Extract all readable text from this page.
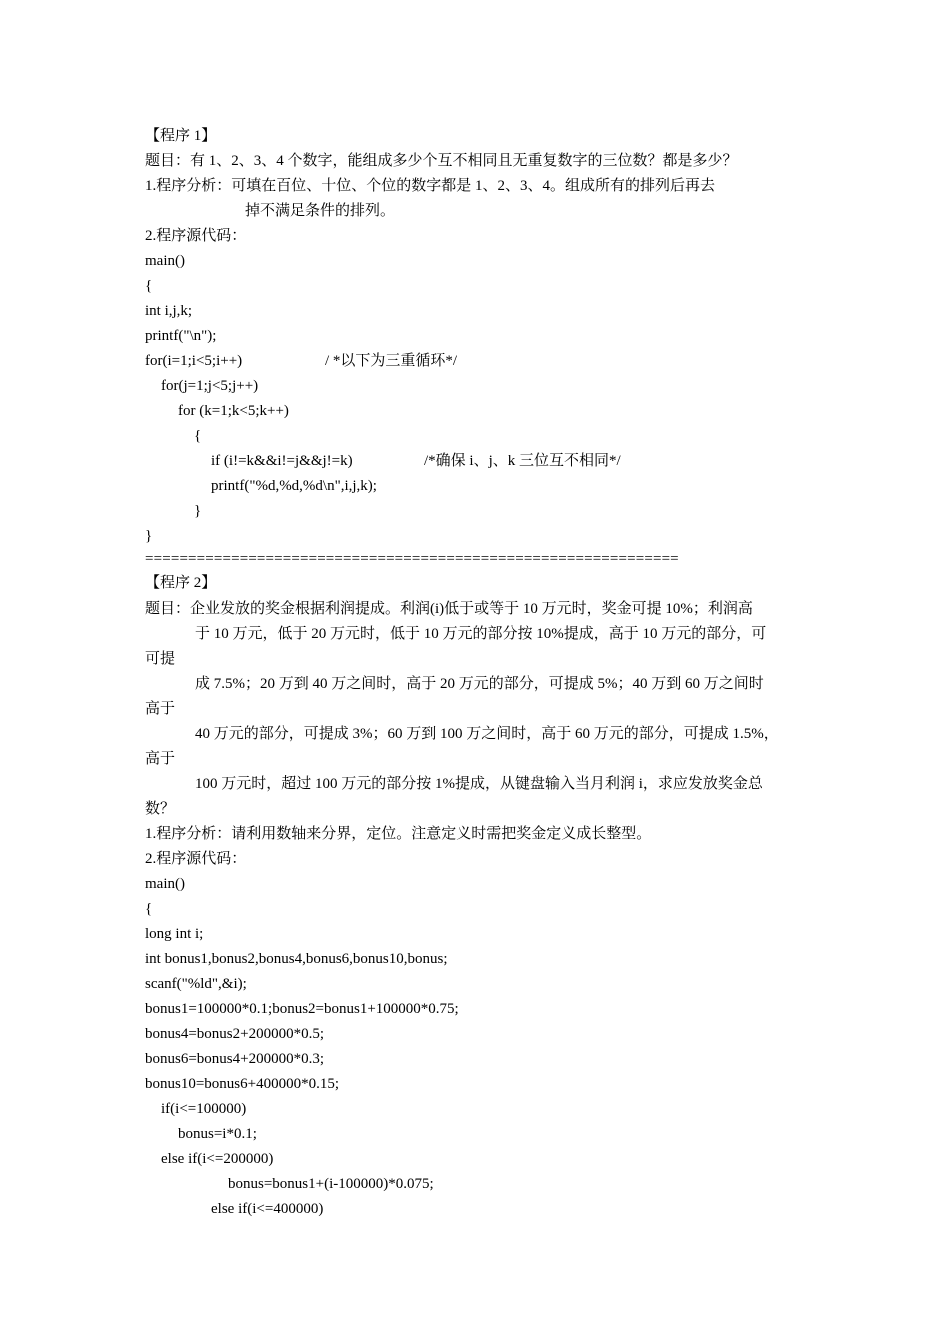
【程序 1】
题目：有 1、2、3、4 个数字，能组成多少个互不相同且无重复数字的三位数？都是多少？
1.程序分析：可填在百位、十位、个位的数字都是 1、2、3、4。组成所有的排列后再去
掉不满足条件的排列。
2.程序源代码：
main()
{
int i,j,k;
printf("\n");
for(i=1;i<5;i++)	/ *以下为三重循环*/
for(j=1;j<5;j++)
for (k=1;k<5;k++)
{
if (i!=k&&i!=j&&j!=k)	/*确保 i、j、k 三位互不相同*/
printf("%d,%d,%d\n",i,j,k);
}
}
==============================================================
【程序 2】
题目：企业发放的奖金根据利润提成。利润(i)低于或等于 10 万元时，奖金可提 10%；利润高
于 10 万元，低于 20 万元时，低于 10 万元的部分按 10%提成，高于 10 万元的部分，可
可提
成 7.5%；20 万到 40 万之间时，高于 20 万元的部分，可提成 5%；40 万到 60 万之间时
高于
40 万元的部分，可提成 3%；60 万到 100 万之间时，高于 60 万元的部分，可提成 1.5%，
高于
100 万元时，超过 100 万元的部分按 1%提成，从键盘输入当月利润 i，求应发放奖金总
数？
1.程序分析：请利用数轴来分界，定位。注意定义时需把奖金定义成长整型。
2.程序源代码：
main()
{
long int i;
int bonus1,bonus2,bonus4,bonus6,bonus10,bonus;
scanf("%ld",&i);
bonus1=100000*0.1;bonus2=bonus1+100000*0.75;
bonus4=bonus2+200000*0.5;
bonus6=bonus4+200000*0.3;
bonus10=bonus6+400000*0.15;
if(i<=100000)
bonus=i*0.1;
else if(i<=200000)
bonus=bonus1+(i-100000)*0.075;
else if(i<=400000)
